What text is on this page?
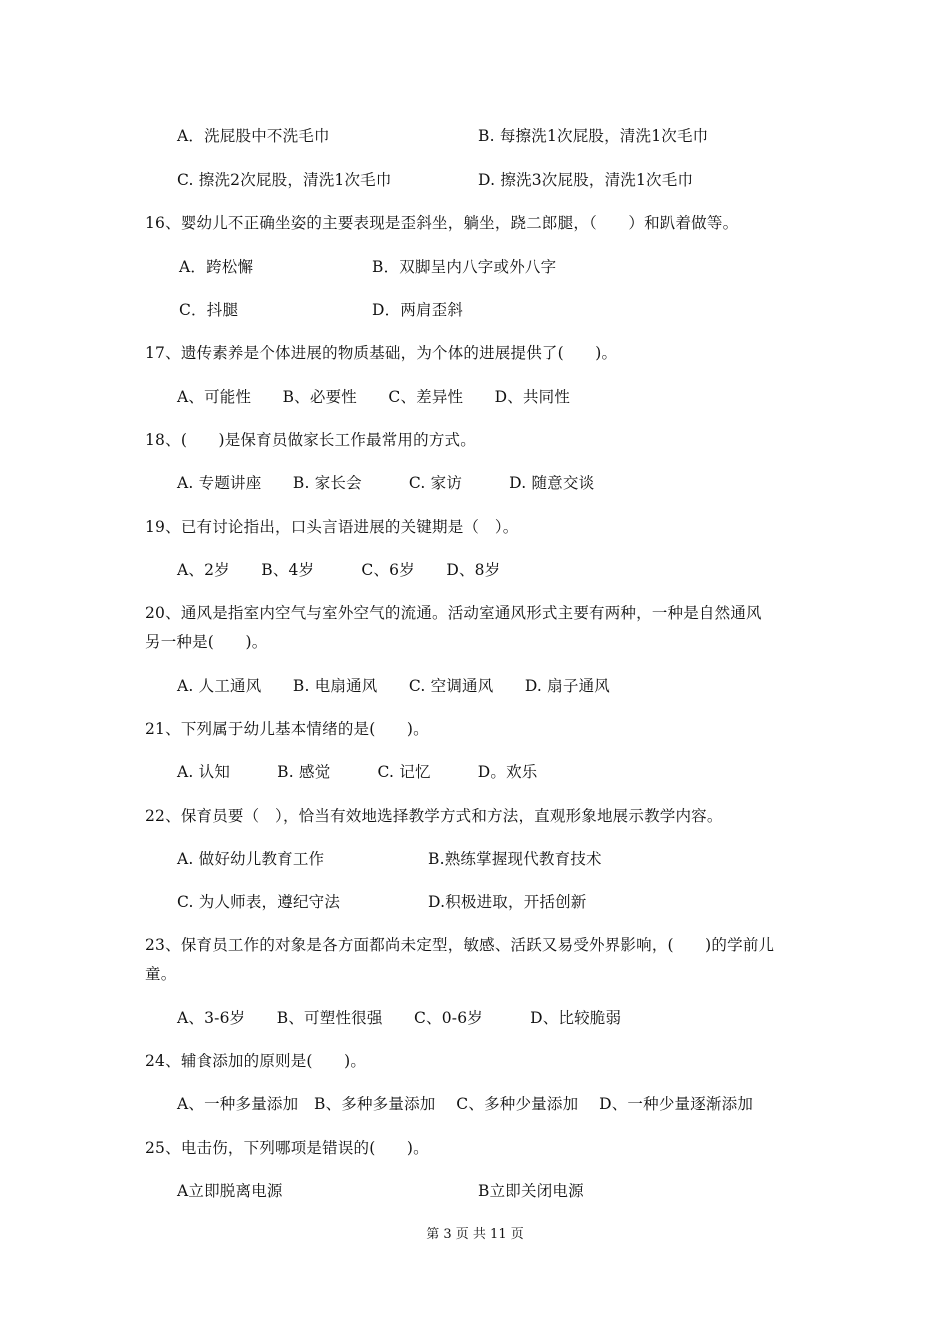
A．洗屁股中不洗毛巾	B. 每擦洗1次屁股，清洗1次毛巾
C. 擦洗2次屁股，清洗1次毛巾	D. 擦洗3次屁股，清洗1次毛巾
16、婴幼儿不正确坐姿的主要表现是歪斜坐，躺坐，跷二郎腿，（　　）和趴着做等。
A．跨松懈	B．双脚呈内八字或外八字
C．抖腿	D．两肩歪斜
17、遗传素养是个体进展的物质基础，为个体的进展提供了(　　)。
A、可能性　　B、必要性　　C、差异性　　D、共同性
18、(　　)是保育员做家长工作最常用的方式。
A. 专题讲座　　B. 家长会　　　C. 家访　　　D. 随意交谈
19、已有讨论指出，口头言语进展的关键期是（　）。
A、2岁　　B、4岁　　　C、6岁　　D、8岁
20、通风是指室内空气与室外空气的流通。活动室通风形式主要有两种，一种是自然通风
另一种是(　　)。
A. 人工通风　　B. 电扇通风　　C. 空调通风　　D. 扇子通风
21、下列属于幼儿基本情绪的是(　　)。
A. 认知　　　B. 感觉　　　C. 记忆　　　D。欢乐
22、保育员要（　），恰当有效地选择教学方式和方法，直观形象地展示教学内容。
A. 做好幼儿教育工作	B.熟练掌握现代教育技术
C. 为人师表，遵纪守法	D.积极进取，开括创新
23、保育员工作的对象是各方面都尚未定型，敏感、活跃又易受外界影响，(　　)的学前儿
童。
A、3-6岁　　B、可塑性很强　　C、0-6岁　　　D、比较脆弱
24、辅食添加的原则是(　　)。
A、一种多量添加　B、多种多量添加　 C、多种少量添加　 D、一种少量逐渐添加
25、电击伤，下列哪项是错误的(　　)。
A立即脱离电源	B立即关闭电源
第 3 页 共 11 页
